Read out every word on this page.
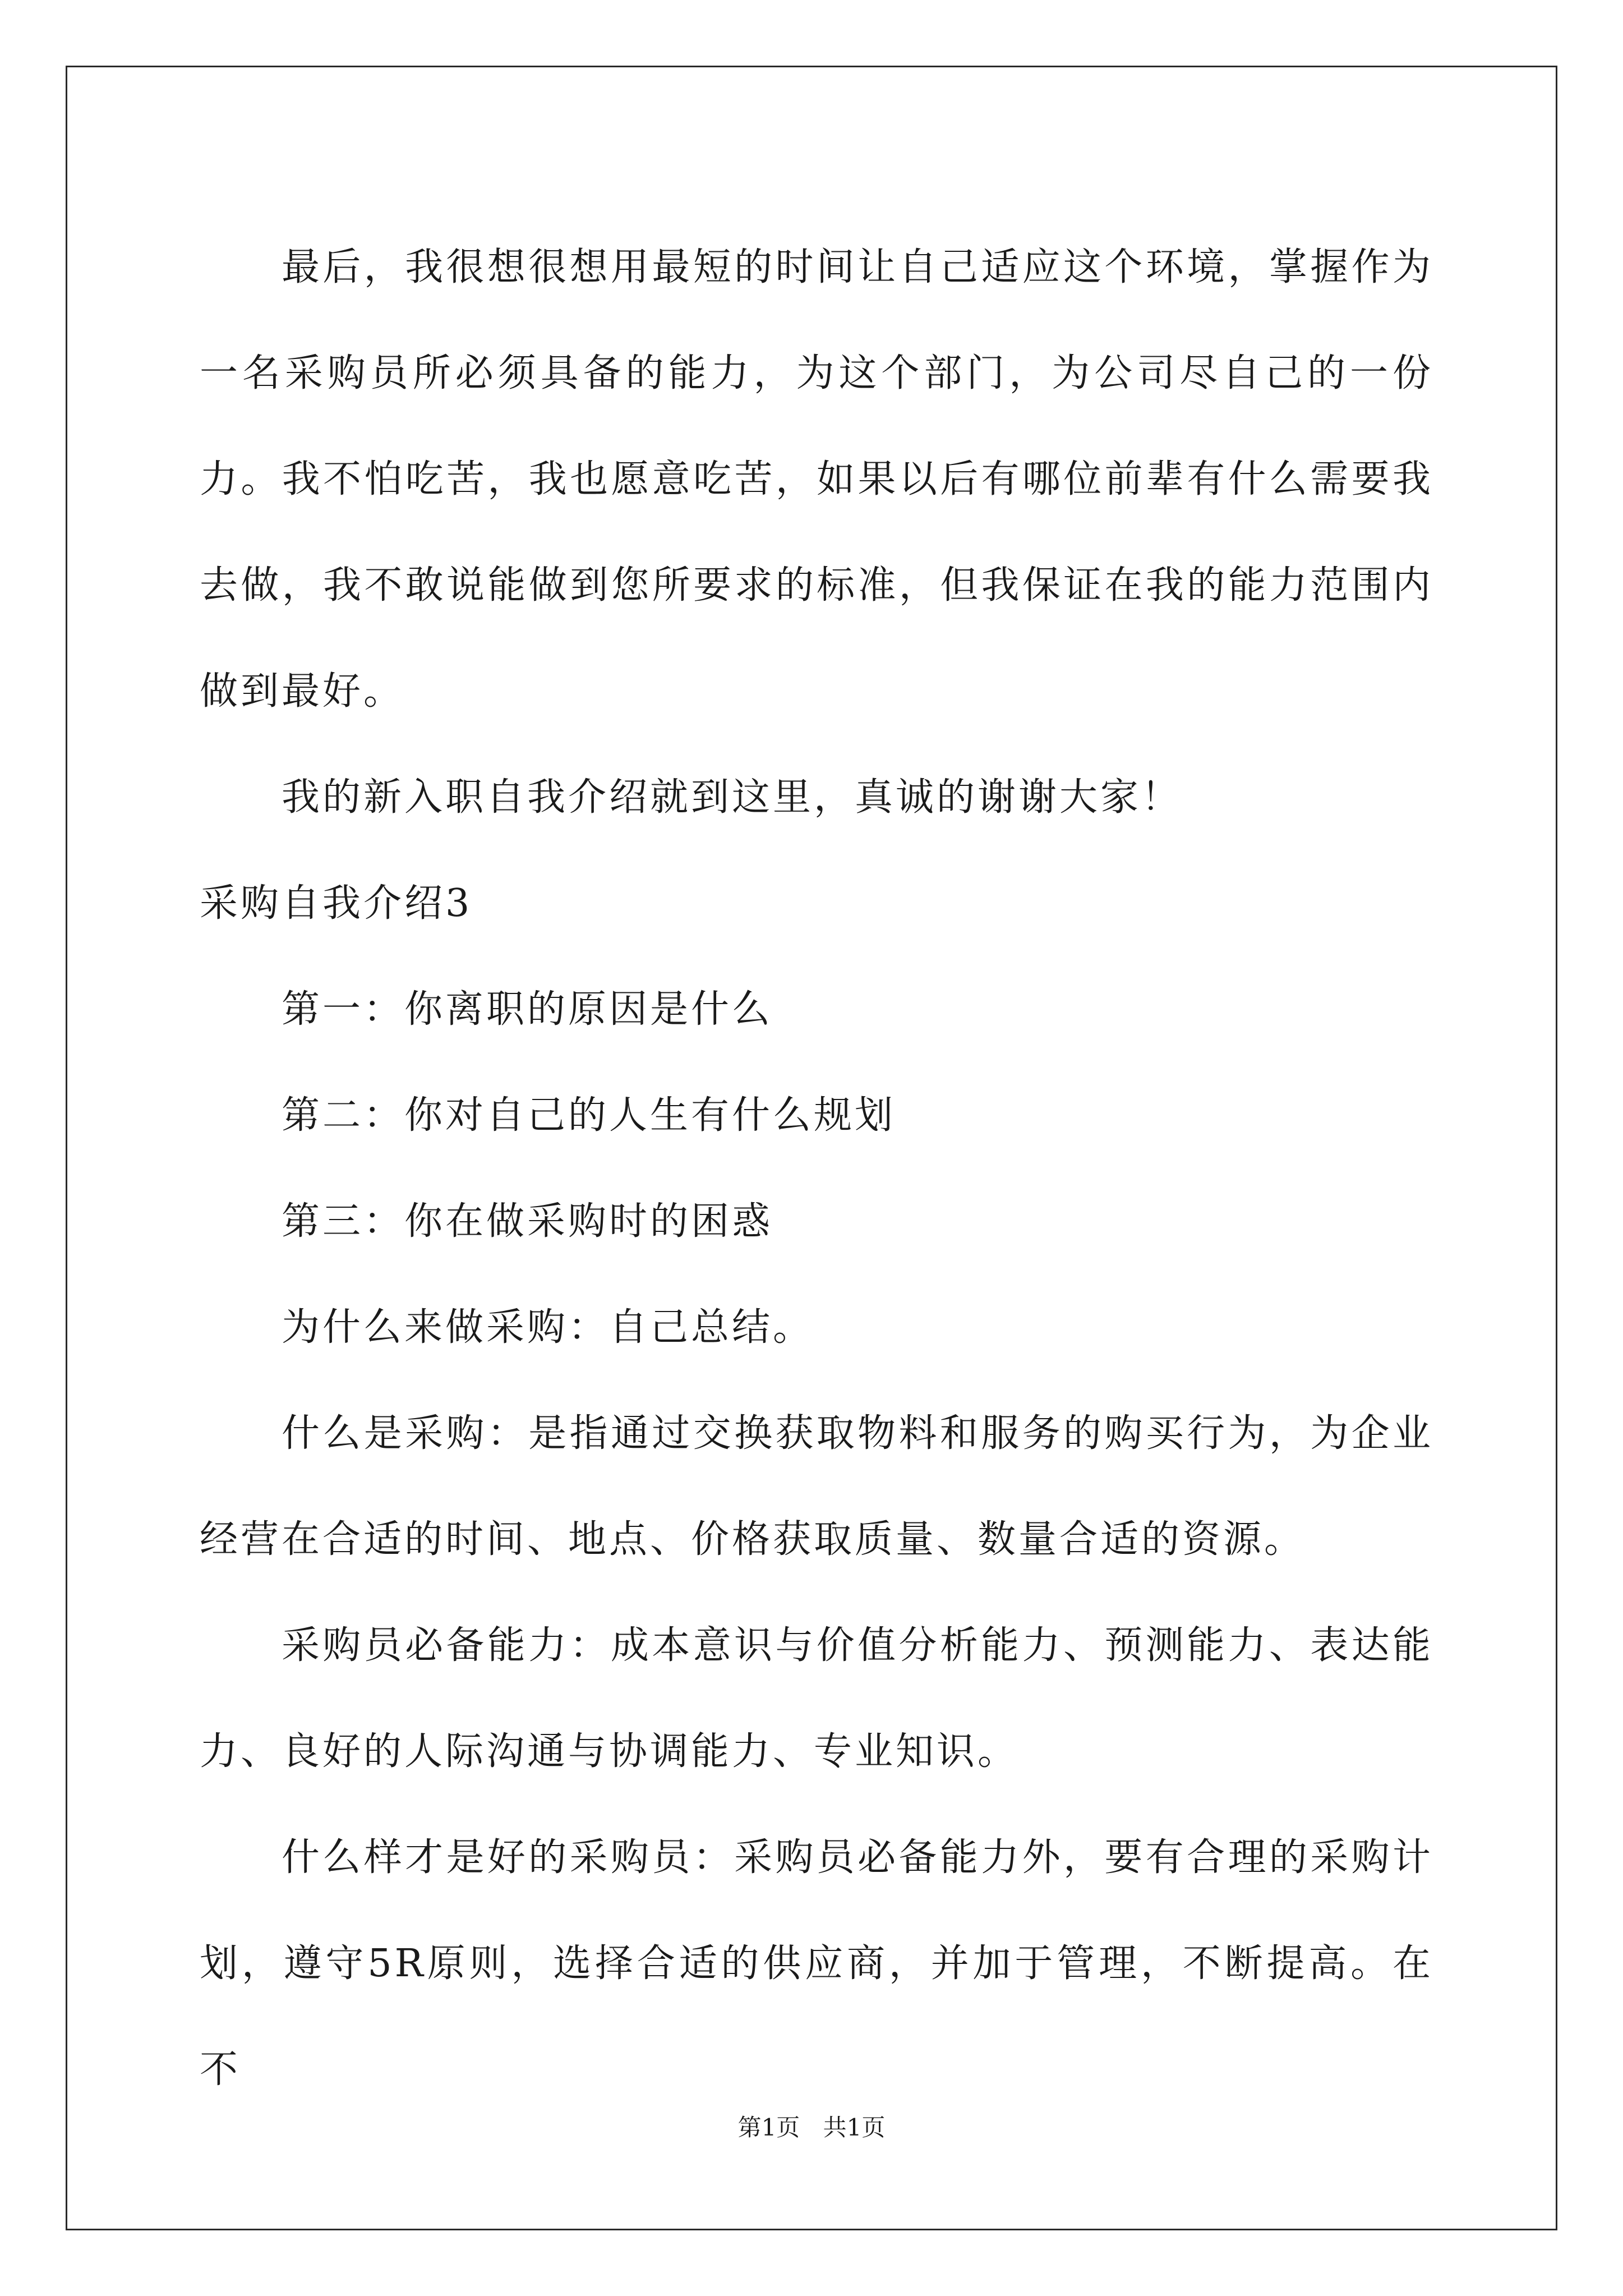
最后，我很想很想用最短的时间让自己适应这个环境，掌握作为一名采购员所必须具备的能力，为这个部门，为公司尽自己的一份力。我不怕吃苦，我也愿意吃苦，如果以后有哪位前辈有什么需要我去做，我不敢说能做到您所要求的标准，但我保证在我的能力范围内做到最好。

我的新入职自我介绍就到这里，真诚的谢谢大家！

采购自我介绍3

第一：你离职的原因是什么

第二：你对自己的人生有什么规划

第三：你在做采购时的困惑

为什么来做采购：自己总结。

什么是采购：是指通过交换获取物料和服务的购买行为，为企业经营在合适的时间、地点、价格获取质量、数量合适的资源。

采购员必备能力：成本意识与价值分析能力、预测能力、表达能力、良好的人际沟通与协调能力、专业知识。

什么样才是好的采购员：采购员必备能力外，要有合理的采购计划，遵守5R原则，选择合适的供应商，并加于管理，不断提高。在不

第1页 共1页
